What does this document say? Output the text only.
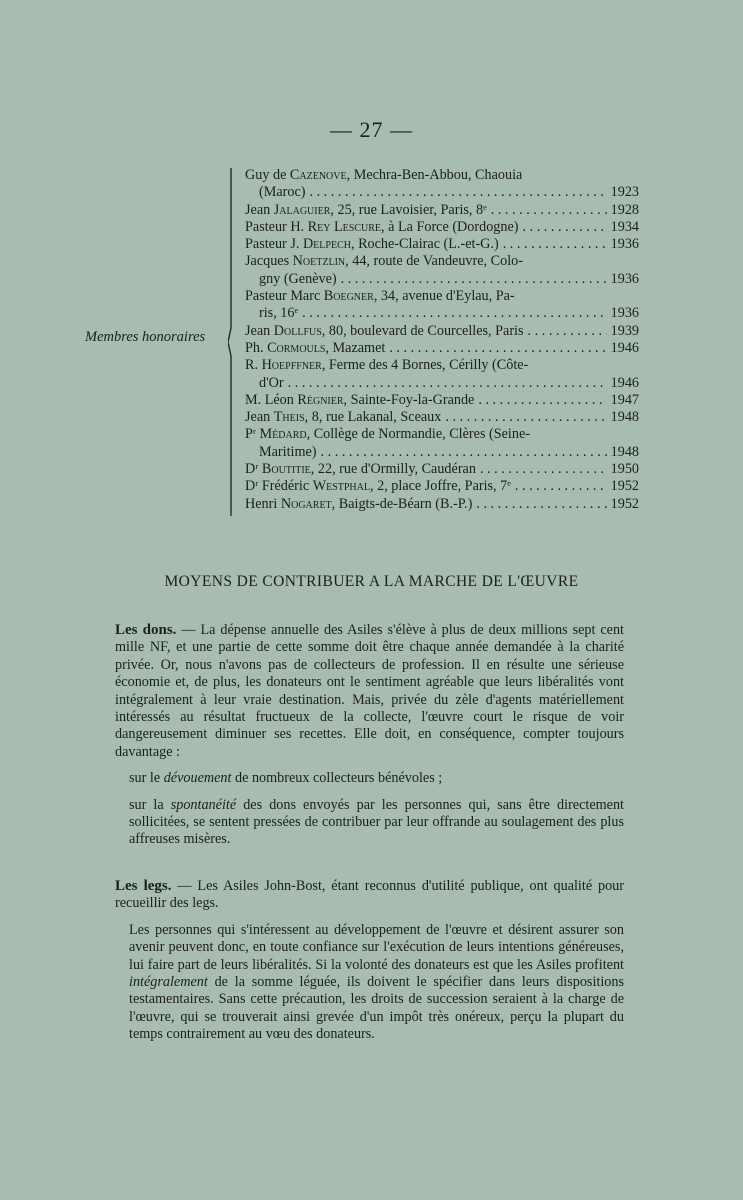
— 27 —
Membres honoraires
Guy de Cazenove, Mechra-Ben-Abbou, Chaouia
(Maroc) . . .	1923
Jean Jalaguier, 25, rue Lavoisier, Paris, 8ᵉ . . .	1928
Pasteur H. Rey Lescure, à La Force (Dordogne) . . .	1934
Pasteur J. Delpech, Roche-Clairac (L.-et-G.) . . .	1936
Jacques Noetzlin, 44, route de Vandeuvre, Colo-
gny (Genève) . . .	1936
Pasteur Marc Boegner, 34, avenue d'Eylau, Pa-
ris, 16ᵉ . . .	1936
Jean Dollfus, 80, boulevard de Courcelles, Paris . . .	1939
Ph. Cormouls, Mazamet . . .	1946
R. Hoepffner, Ferme des 4 Bornes, Cérilly (Côte-
d'Or . . .	1946
M. Léon Régnier, Sainte-Foy-la-Grande . . .	1947
Jean Theis, 8, rue Lakanal, Sceaux . . .	1948
Pʳ Médard, Collège de Normandie, Clères (Seine-
Maritime) . . .	1948
Dʳ Boutitie, 22, rue d'Ormilly, Caudéran . . .	1950
Dʳ Frédéric Westphal, 2, place Joffre, Paris, 7ᵉ . . .	1952
Henri Nogaret, Baigts-de-Béarn (B.-P.) . . .	1952
MOYENS DE CONTRIBUER A LA MARCHE DE L'ŒUVRE

Les dons. — La dépense annuelle des Asiles s'élève à plus de deux millions sept cent mille NF, et une partie de cette somme doit être chaque année demandée à la charité privée. Or, nous n'avons pas de collecteurs de profession. Il en résulte une sérieuse économie et, de plus, les donateurs ont le sentiment agréable que leurs libéralités vont intégralement à leur vraie destination. Mais, privée du zèle d'agents matériellement intéressés au résultat fructueux de la collecte, l'œuvre court le risque de voir dangereusement diminuer ses recettes. Elle doit, en conséquence, compter toujours davantage :

sur le dévouement de nombreux collecteurs bénévoles ;

sur la spontanéité des dons envoyés par les personnes qui, sans être directement sollicitées, se sentent pressées de contribuer par leur offrande au soulagement des plus affreuses misères.

Les legs. — Les Asiles John-Bost, étant reconnus d'utilité publique, ont qualité pour recueillir des legs.

Les personnes qui s'intéressent au développement de l'œuvre et désirent assurer son avenir peuvent donc, en toute confiance sur l'exécution de leurs intentions généreuses, lui faire part de leurs libéralités. Si la volonté des donateurs est que les Asiles profitent intégralement de la somme léguée, ils doivent le spécifier dans leurs dispositions testamentaires. Sans cette précaution, les droits de succession seraient à la charge de l'œuvre, qui se trouverait ainsi grevée d'un impôt très onéreux, perçu la plupart du temps contrairement au vœu des donateurs.
